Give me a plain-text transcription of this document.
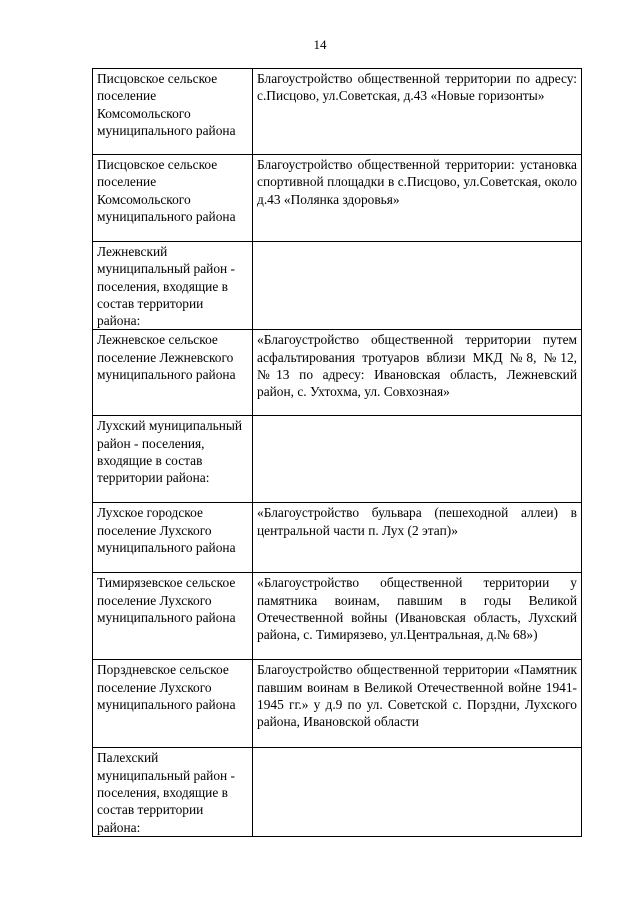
14
Писцовское сельское поселение Комсомольского муниципального района	Благоустройство общественной территории по адресу: с.Писцово, ул.Советская, д.43 «Новые горизонты»
Писцовское сельское поселение Комсомольского муниципального района	Благоустройство общественной территории: установка спортивной площадки в с.Писцово, ул.Советская, около д.43 «Полянка здоровья»
Лежневский муниципальный район - поселения, входящие в состав территории района:	
Лежневское сельское поселение Лежневского муниципального района	«Благоустройство общественной территории путем асфальтирования тротуаров вблизи МКД №8, №12, №13 по адресу: Ивановская область, Лежневский район, с. Ухтохма, ул. Совхозная»
Лухский муниципальный район - поселения, входящие в состав территории района:	
Лухское городское поселение Лухского муниципального района	«Благоустройство бульвара (пешеходной аллеи) в центральной части п. Лух (2 этап)»
Тимирязевское сельское поселение Лухского муниципального района	«Благоустройство общественной территории у памятника воинам, павшим в годы Великой Отечественной войны (Ивановская область, Лухский района, с. Тимирязево, ул.Центральная, д.№ 68»)
Порздневское сельское поселение Лухского муниципального района	Благоустройство общественной территории «Памятник павшим воинам в Великой Отечественной войне 1941-1945 гг.» у д.9 по ул. Советской с. Порздни, Лухского района, Ивановской области
Палехский муниципальный район - поселения, входящие в состав территории района:	
